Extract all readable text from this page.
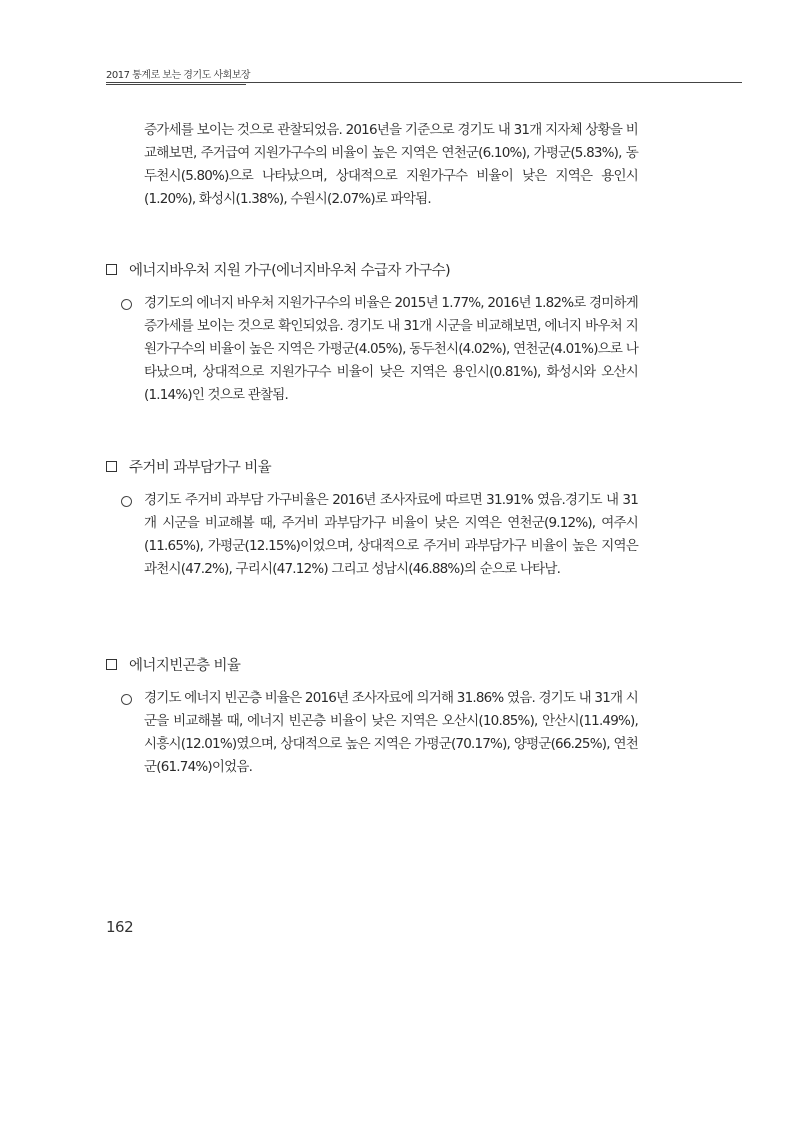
2017 통계로 보는 경기도 사회보장

증가세를 보이는 것으로 관찰되었음. 2016년을 기준으로 경기도 내 31개 지자체 상황을 비교해보면, 주거급여 지원가구수의 비율이 높은 지역은 연천군(6.10%), 가평군(5.83%), 동두천시(5.80%)으로 나타났으며, 상대적으로 지원가구수 비율이 낮은 지역은 용인시(1.20%), 화성시(1.38%), 수원시(2.07%)로 파악됨.

에너지바우처 지원 가구(에너지바우처 수급자 가구수)

경기도의 에너지 바우처 지원가구수의 비율은 2015년 1.77%, 2016년 1.82%로 경미하게 증가세를 보이는 것으로 확인되었음. 경기도 내 31개 시군을 비교해보면, 에너지 바우처 지원가구수의 비율이 높은 지역은 가평군(4.05%), 동두천시(4.02%), 연천군(4.01%)으로 나타났으며, 상대적으로 지원가구수 비율이 낮은 지역은 용인시(0.81%), 화성시와 오산시(1.14%)인 것으로 관찰됨.

주거비 과부담가구 비율

경기도 주거비 과부담 가구비율은 2016년 조사자료에 따르면 31.91% 였음.경기도 내 31개 시군을 비교해볼 때, 주거비 과부담가구 비율이 낮은 지역은 연천군(9.12%), 여주시(11.65%), 가평군(12.15%)이었으며, 상대적으로 주거비 과부담가구 비율이 높은 지역은 과천시(47.2%), 구리시(47.12%) 그리고 성남시(46.88%)의 순으로 나타남.

에너지빈곤층 비율

경기도 에너지 빈곤층 비율은 2016년 조사자료에 의거해 31.86% 였음. 경기도 내 31개 시군을 비교해볼 때, 에너지 빈곤층 비율이 낮은 지역은 오산시(10.85%), 안산시(11.49%), 시흥시(12.01%)였으며, 상대적으로 높은 지역은 가평군(70.17%), 양평군(66.25%), 연천군(61.74%)이었음.

162
